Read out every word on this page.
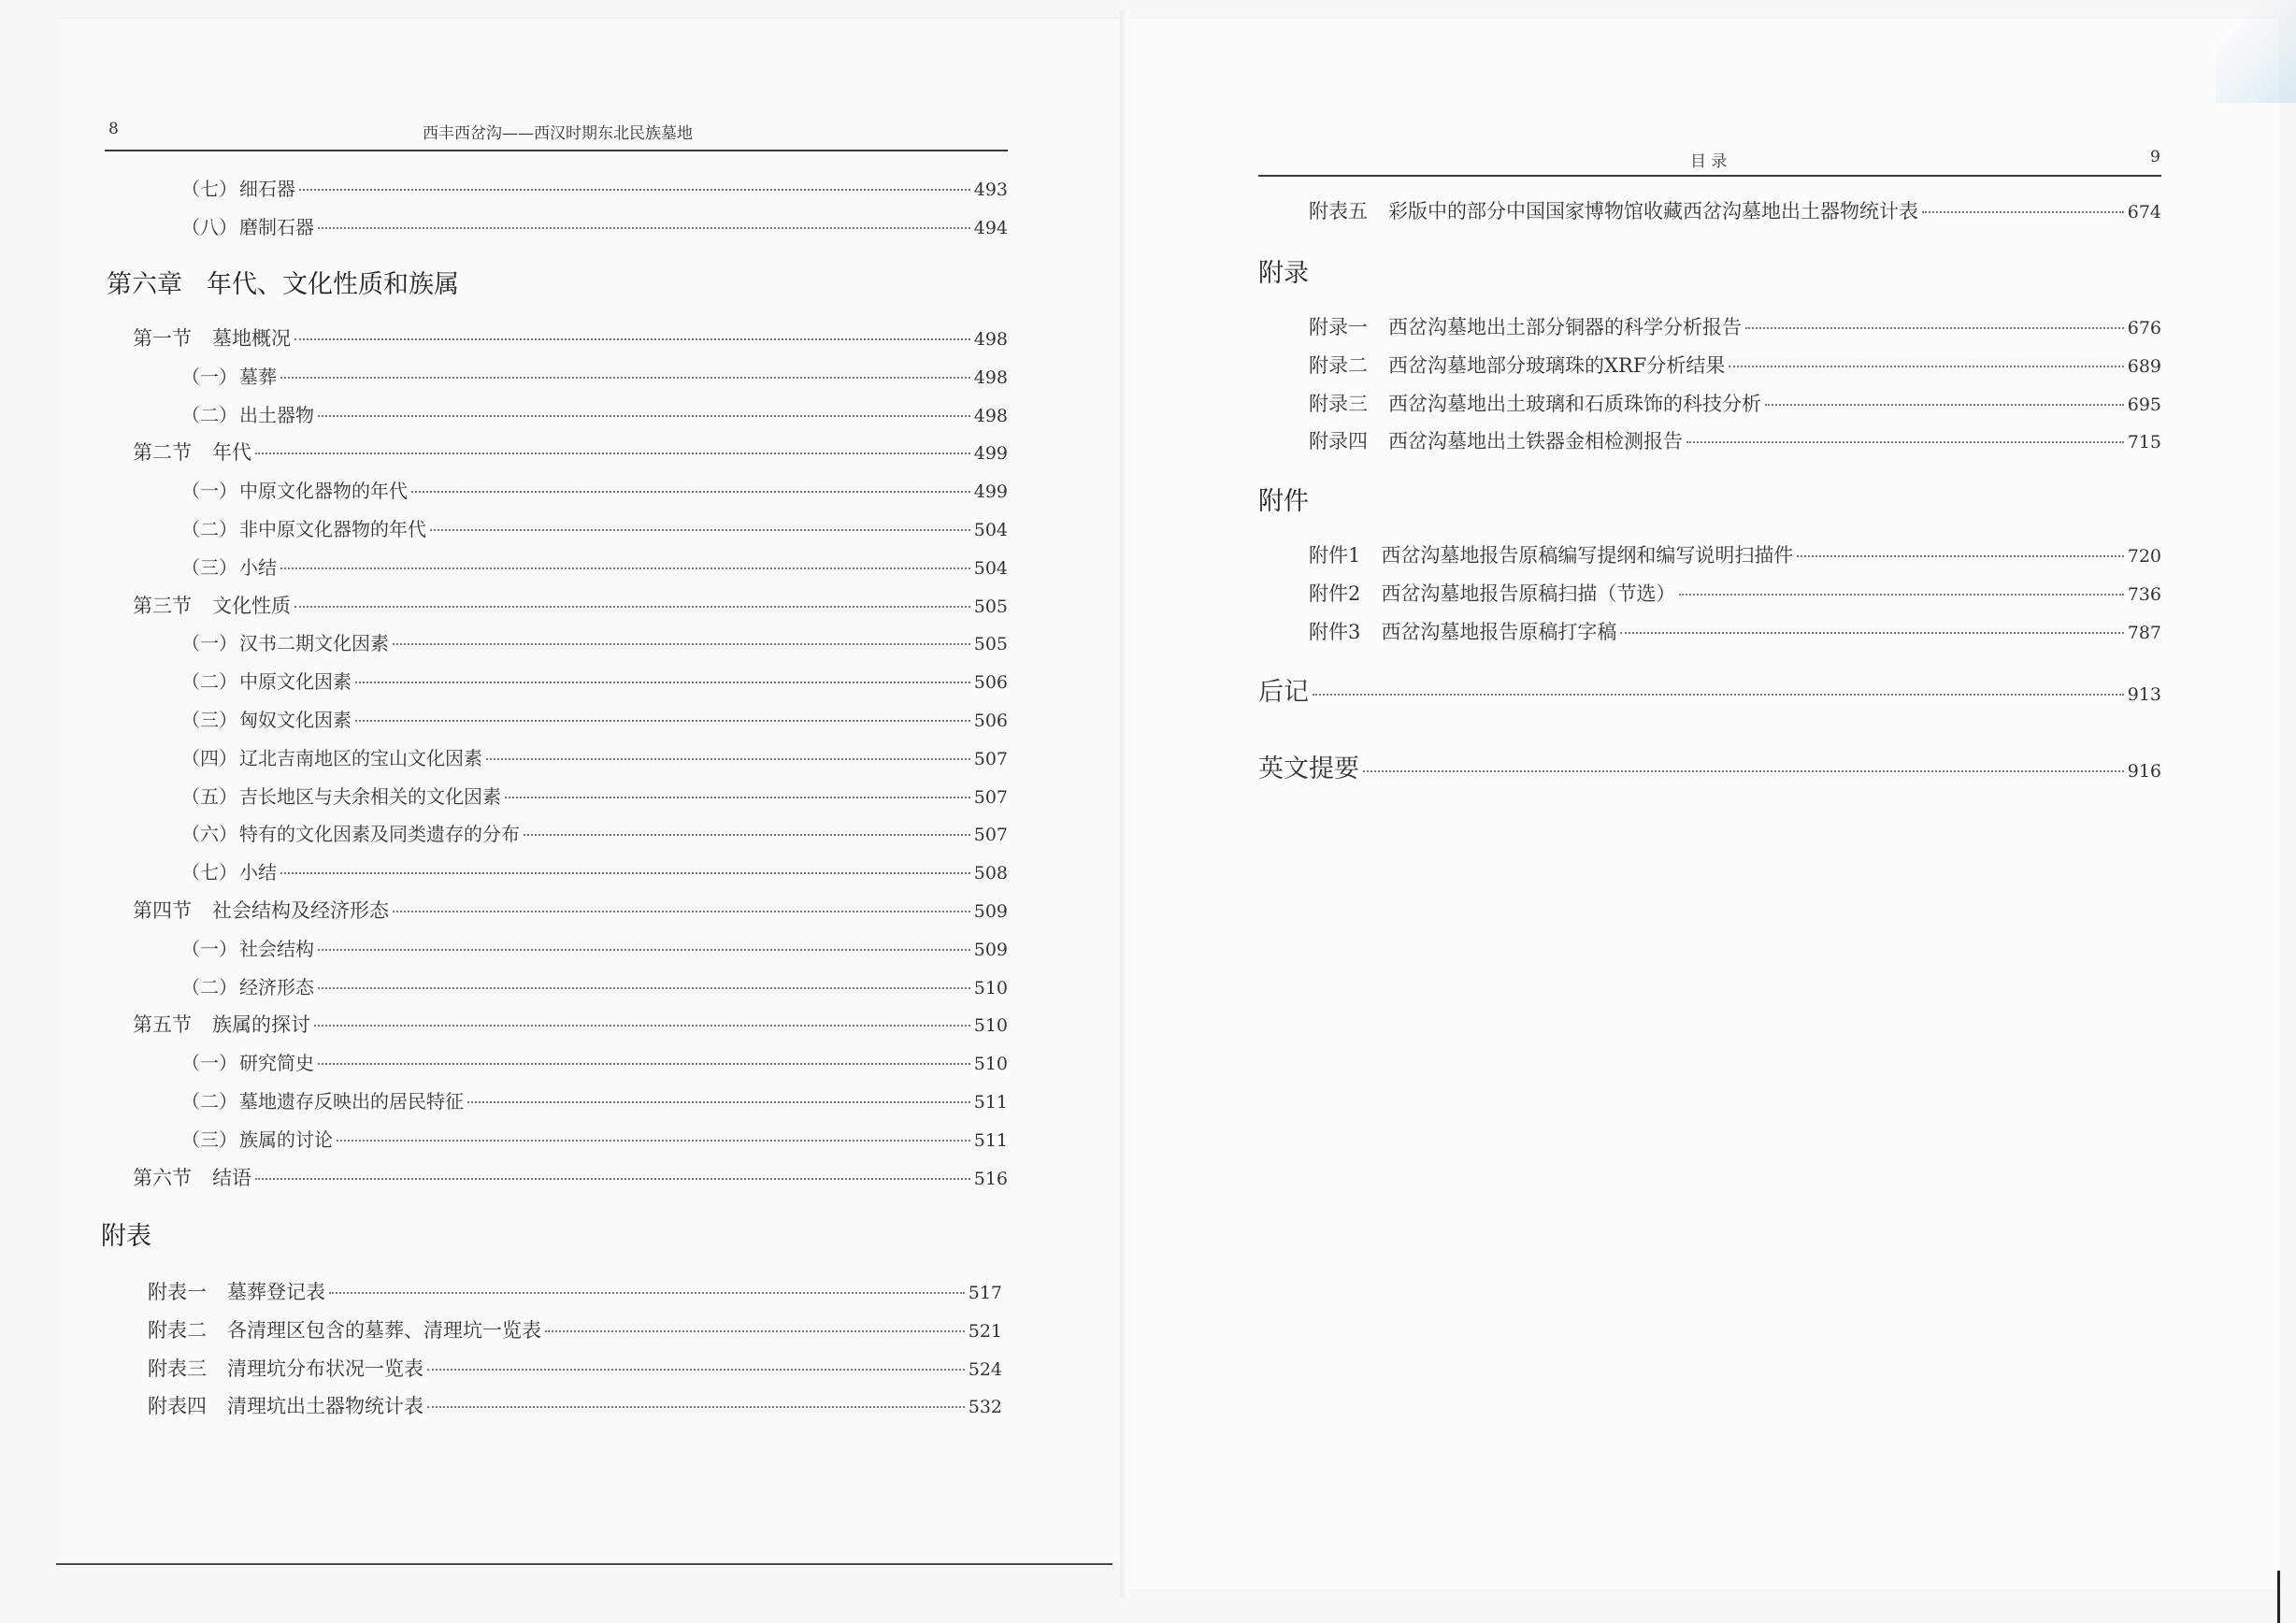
8	西丰西岔沟——西汉时期东北民族墓地
目 录	9
（七） 细石器	493
（八） 磨制石器	494
第六章 年代、文化性质和族属
第一节 墓地概况	498
（一） 墓葬	498
（二） 出土器物	498
第二节 年代	499
（一） 中原文化器物的年代	499
（二） 非中原文化器物的年代	504
（三） 小结	504
第三节 文化性质	505
（一） 汉书二期文化因素	505
（二） 中原文化因素	506
（三） 匈奴文化因素	506
（四） 辽北吉南地区的宝山文化因素	507
（五） 吉长地区与夫余相关的文化因素	507
（六） 特有的文化因素及同类遗存的分布	507
（七） 小结	508
第四节 社会结构及经济形态	509
（一） 社会结构	509
（二） 经济形态	510
第五节 族属的探讨	510
（一） 研究简史	510
（二） 墓地遗存反映出的居民特征	511
（三） 族属的讨论	511
第六节 结语	516
附表
附表一 墓葬登记表	517
附表二 各清理区包含的墓葬、清理坑一览表	521
附表三 清理坑分布状况一览表	524
附表四 清理坑出土器物统计表	532
附表五 彩版中的部分中国国家博物馆收藏西岔沟墓地出土器物统计表	674
附录
附录一 西岔沟墓地出土部分铜器的科学分析报告	676
附录二 西岔沟墓地部分玻璃珠的XRF分析结果	689
附录三 西岔沟墓地出土玻璃和石质珠饰的科技分析	695
附录四 西岔沟墓地出土铁器金相检测报告	715
附件
附件1 西岔沟墓地报告原稿编写提纲和编写说明扫描件	720
附件2 西岔沟墓地报告原稿扫描（节选）	736
附件3 西岔沟墓地报告原稿打字稿	787
后记	913
英文提要	916
